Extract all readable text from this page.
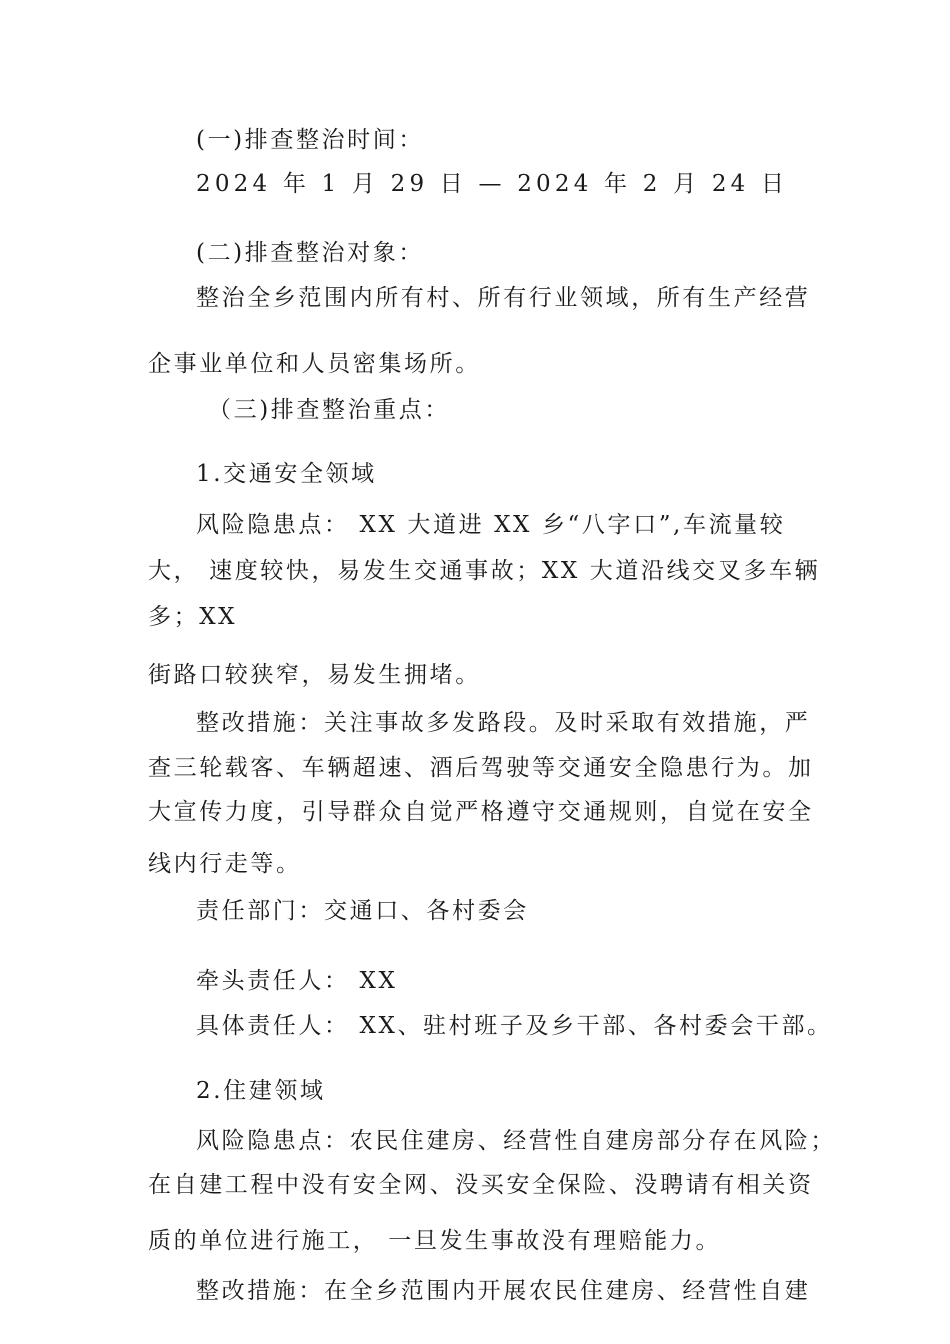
(一)排查整治时间：
2024 年 1 月 29 日 — 2024 年 2 月 24 日
(二)排查整治对象：
整治全乡范围内所有村、所有行业领域，所有生产经营
企事业单位和人员密集场所。
（三)排查整治重点：
1.交通安全领域
风险隐患点： XX 大道进 XX 乡“八字口”,车流量较
大， 速度较快，易发生交通事故；XX 大道沿线交叉多车辆
多；XX
街路口较狭窄，易发生拥堵。
整改措施：关注事故多发路段。及时采取有效措施，严
查三轮载客、车辆超速、酒后驾驶等交通安全隐患行为。加
大宣传力度，引导群众自觉严格遵守交通规则，自觉在安全
线内行走等。
责任部门：交通口、各村委会
牵头责任人： XX
具体责任人： XX、驻村班子及乡干部、各村委会干部。
2.住建领域
风险隐患点：农民住建房、经营性自建房部分存在风险；
在自建工程中没有安全网、没买安全保险、没聘请有相关资
质的单位进行施工， 一旦发生事故没有理赔能力。
整改措施：在全乡范围内开展农民住建房、经营性自建
